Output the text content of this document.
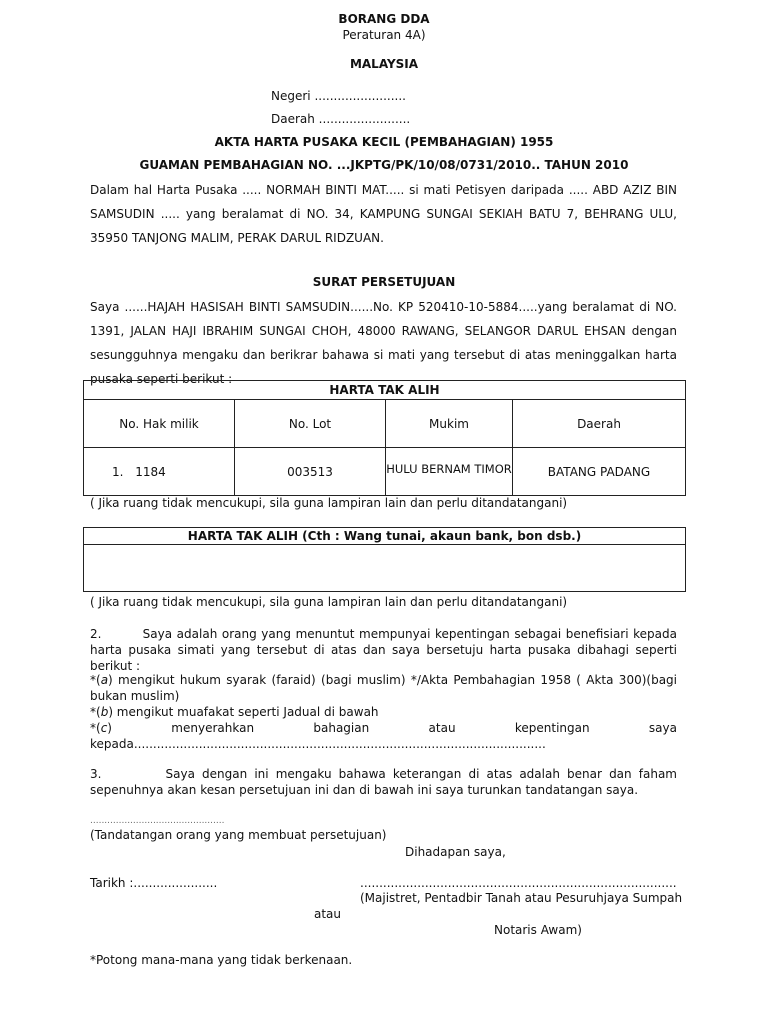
BORANG DDA
Peraturan 4A)
MALAYSIA
Negeri ........................
Daerah ........................
AKTA HARTA PUSAKA KECIL (PEMBAHAGIAN) 1955
GUAMAN PEMBAHAGIAN NO. ...JKPTG/PK/10/08/0731/2010.. TAHUN 2010
Dalam hal Harta Pusaka ..... NORMAH BINTI MAT..... si mati Petisyen daripada ..... ABD AZIZ BIN SAMSUDIN ..... yang beralamat di NO. 34, KAMPUNG SUNGAI SEKIAH BATU 7, BEHRANG ULU, 35950 TANJONG MALIM, PERAK DARUL RIDZUAN.
SURAT PERSETUJUAN
Saya ......HAJAH HASISAH BINTI SAMSUDIN......No. KP 520410-10-5884.....yang beralamat di NO. 1391, JALAN HAJI IBRAHIM SUNGAI CHOH, 48000 RAWANG, SELANGOR DARUL EHSAN dengan sesungguhnya mengaku dan berikrar bahawa si mati yang tersebut di atas meninggalkan harta pusaka seperti berikut :
HARTA TAK ALIH			
No. Hak milik	No. Lot	Mukim	Daerah
1. 1184	003513	HULU BERNAM TIMOR	BATANG PADANG
( Jika ruang tidak mencukupi, sila guna lampiran lain dan perlu ditandatangani)
HARTA TAK ALIH (Cth : Wang tunai, akaun bank, bon dsb.)

( Jika ruang tidak mencukupi, sila guna lampiran lain dan perlu ditandatangani)
2.         Saya adalah orang yang menuntut mempunyai kepentingan sebagai benefisiari kepada harta pusaka simati yang tersebut di atas dan saya bersetuju harta pusaka dibahagi seperti berikut :
*(a) mengikut hukum syarak (faraid) (bagi muslim) */Akta Pembahagian 1958 ( Akta 300)(bagi bukan muslim)
*(b) mengikut muafakat seperti Jadual di bawah
*(c)	menyerahkan	bahagian	atau	kepentingan	saya
kepada............................................................................................................
3.         Saya dengan ini mengaku bahawa keterangan di atas adalah benar dan faham sepenuhnya akan kesan persetujuan ini dan di bawah ini saya turunkan tandatangan saya.
...............................................
(Tandatangan orang yang membuat persetujuan)
Dihadapan saya,
Tarikh :......................	...................................................................................
(Majistret, Pentadbir Tanah atau Pesuruhjaya Sumpah
atau
Notaris Awam)
*Potong mana-mana yang tidak berkenaan.
